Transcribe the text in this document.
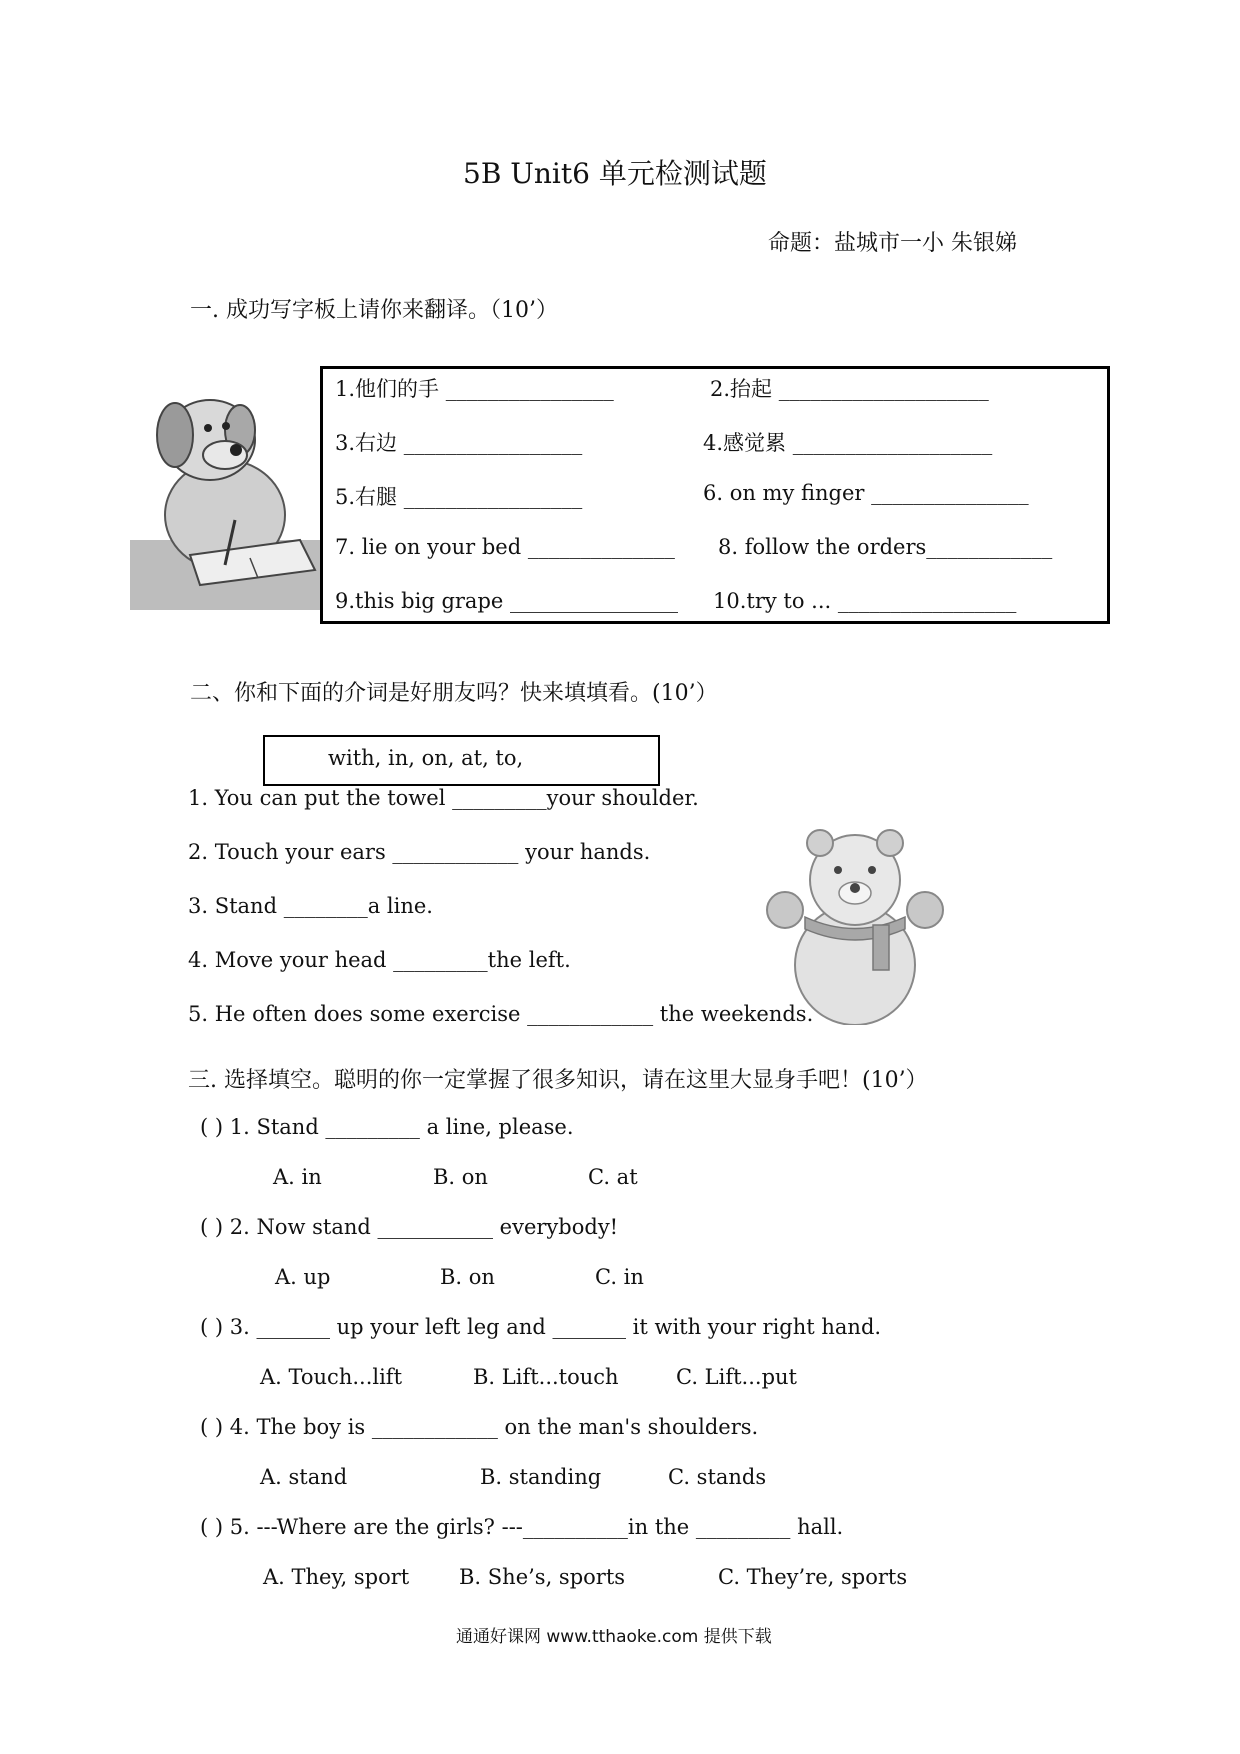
5B Unit6 单元检测试题
命题：盐城市一小 朱银娣
一. 成功写字板上请你来翻译。（10’）
1.他们的手 ________________	2.抬起 ____________________
3.右边 _________________	4.感觉累 ___________________
5.右腿 _________________	6. on my finger _______________
7. lie on your bed ______________ 8. follow the orders____________
9.this big grape ________________ 10.try to ... _________________
二、你和下面的介词是好朋友吗？快来填填看。(10’）
with, in, on, at, to,
1. You can put the towel _________your shoulder.
2. Touch your ears ____________ your hands.
3. Stand ________a line.
4. Move your head _________the left.
5. He often does some exercise ____________ the weekends.
三. 选择填空。聪明的你一定掌握了很多知识，请在这里大显身手吧！(10’）
( ) 1. Stand _________ a line, please.
A. in	B. on	C. at
( ) 2. Now stand ___________ everybody!
A. up	B. on	C. in
( ) 3. _______ up your left leg and _______ it with your right hand.
A. Touch...lift	B. Lift...touch	C. Lift...put
( ) 4. The boy is ____________ on the man's shoulders.
A. stand	B. standing	C. stands
( ) 5. ---Where are the girls? ---__________in the _________ hall.
A. They, sport B. She’s, sports	C. They’re, sports
通通好课网 www.tthaoke.com 提供下载
